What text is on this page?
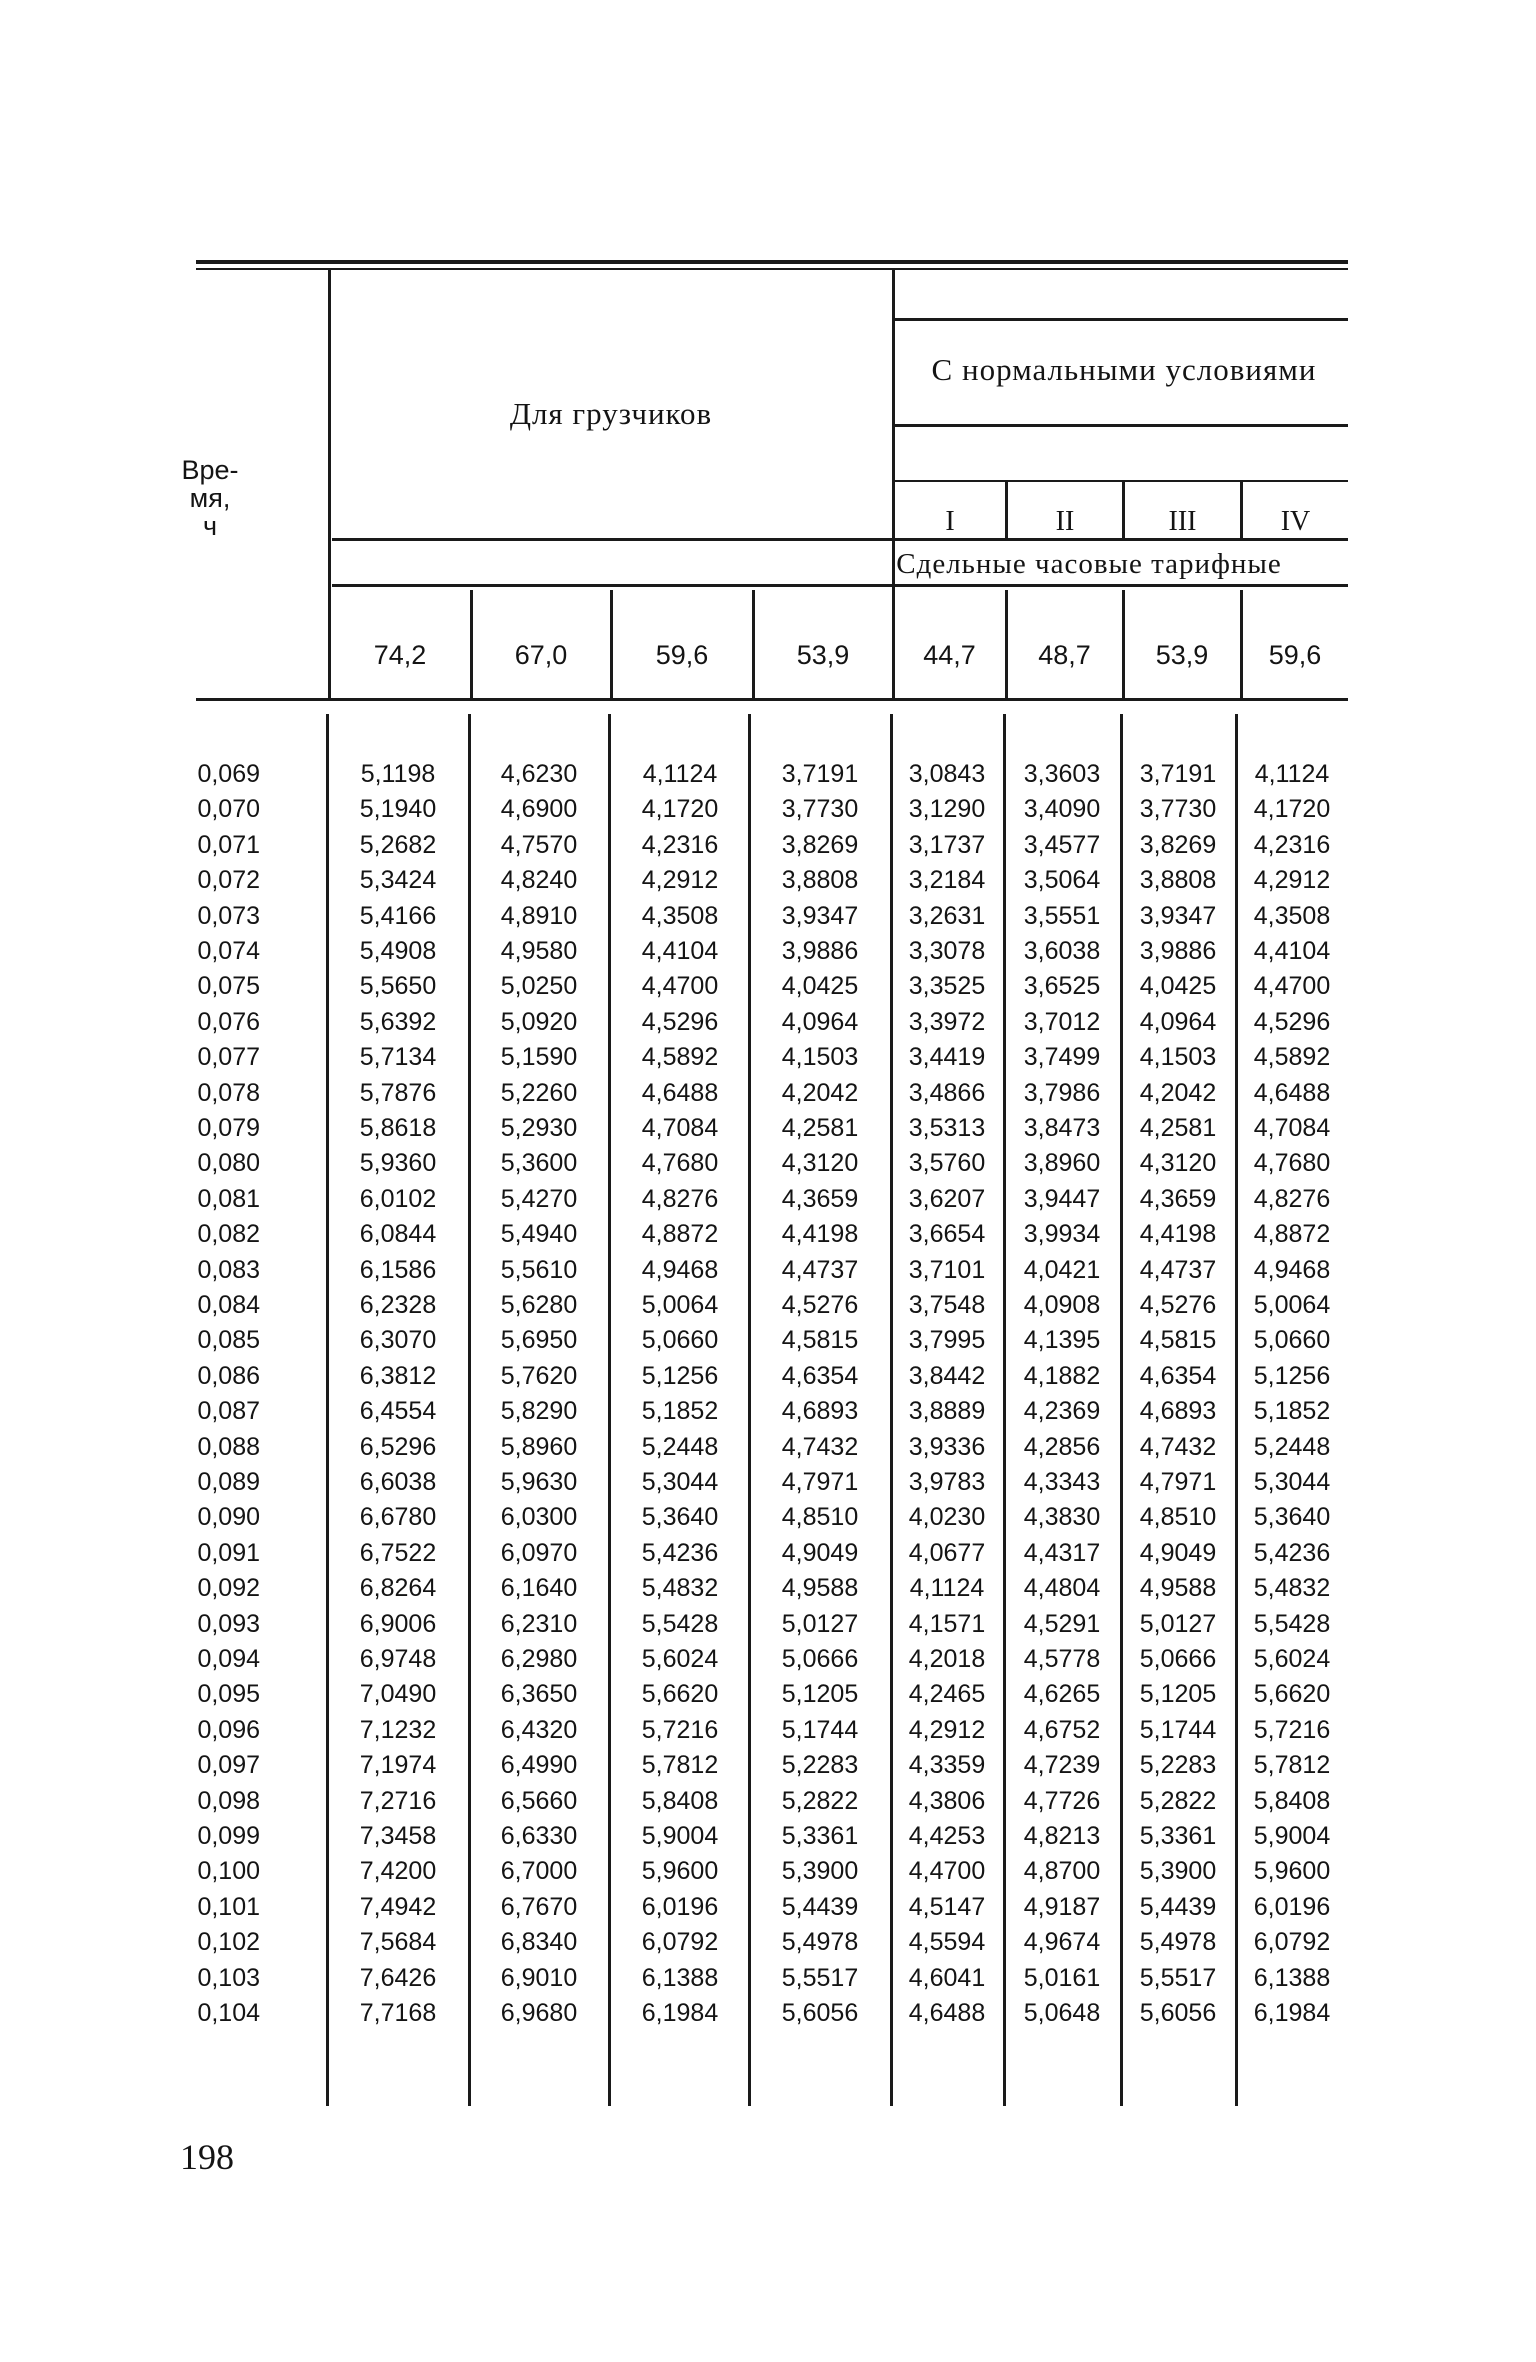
Вре-
мя,
ч
Для грузчиков
С нормальными условиями
Сдельные часовые тарифные
I	II	III	IV
74,2	67,0	59,6	53,9	44,7	48,7	53,9	59,6
0,069	5,1198	4,6230	4,1124	3,7191	3,0843	3,3603	3,7191	4,1124
0,070	5,1940	4,6900	4,1720	3,7730	3,1290	3,4090	3,7730	4,1720
0,071	5,2682	4,7570	4,2316	3,8269	3,1737	3,4577	3,8269	4,2316
0,072	5,3424	4,8240	4,2912	3,8808	3,2184	3,5064	3,8808	4,2912
0,073	5,4166	4,8910	4,3508	3,9347	3,2631	3,5551	3,9347	4,3508
0,074	5,4908	4,9580	4,4104	3,9886	3,3078	3,6038	3,9886	4,4104
0,075	5,5650	5,0250	4,4700	4,0425	3,3525	3,6525	4,0425	4,4700
0,076	5,6392	5,0920	4,5296	4,0964	3,3972	3,7012	4,0964	4,5296
0,077	5,7134	5,1590	4,5892	4,1503	3,4419	3,7499	4,1503	4,5892
0,078	5,7876	5,2260	4,6488	4,2042	3,4866	3,7986	4,2042	4,6488
0,079	5,8618	5,2930	4,7084	4,2581	3,5313	3,8473	4,2581	4,7084
0,080	5,9360	5,3600	4,7680	4,3120	3,5760	3,8960	4,3120	4,7680
0,081	6,0102	5,4270	4,8276	4,3659	3,6207	3,9447	4,3659	4,8276
0,082	6,0844	5,4940	4,8872	4,4198	3,6654	3,9934	4,4198	4,8872
0,083	6,1586	5,5610	4,9468	4,4737	3,7101	4,0421	4,4737	4,9468
0,084	6,2328	5,6280	5,0064	4,5276	3,7548	4,0908	4,5276	5,0064
0,085	6,3070	5,6950	5,0660	4,5815	3,7995	4,1395	4,5815	5,0660
0,086	6,3812	5,7620	5,1256	4,6354	3,8442	4,1882	4,6354	5,1256
0,087	6,4554	5,8290	5,1852	4,6893	3,8889	4,2369	4,6893	5,1852
0,088	6,5296	5,8960	5,2448	4,7432	3,9336	4,2856	4,7432	5,2448
0,089	6,6038	5,9630	5,3044	4,7971	3,9783	4,3343	4,7971	5,3044
0,090	6,6780	6,0300	5,3640	4,8510	4,0230	4,3830	4,8510	5,3640
0,091	6,7522	6,0970	5,4236	4,9049	4,0677	4,4317	4,9049	5,4236
0,092	6,8264	6,1640	5,4832	4,9588	4,1124	4,4804	4,9588	5,4832
0,093	6,9006	6,2310	5,5428	5,0127	4,1571	4,5291	5,0127	5,5428
0,094	6,9748	6,2980	5,6024	5,0666	4,2018	4,5778	5,0666	5,6024
0,095	7,0490	6,3650	5,6620	5,1205	4,2465	4,6265	5,1205	5,6620
0,096	7,1232	6,4320	5,7216	5,1744	4,2912	4,6752	5,1744	5,7216
0,097	7,1974	6,4990	5,7812	5,2283	4,3359	4,7239	5,2283	5,7812
0,098	7,2716	6,5660	5,8408	5,2822	4,3806	4,7726	5,2822	5,8408
0,099	7,3458	6,6330	5,9004	5,3361	4,4253	4,8213	5,3361	5,9004
0,100	7,4200	6,7000	5,9600	5,3900	4,4700	4,8700	5,3900	5,9600
0,101	7,4942	6,7670	6,0196	5,4439	4,5147	4,9187	5,4439	6,0196
0,102	7,5684	6,8340	6,0792	5,4978	4,5594	4,9674	5,4978	6,0792
0,103	7,6426	6,9010	6,1388	5,5517	4,6041	5,0161	5,5517	6,1388
0,104	7,7168	6,9680	6,1984	5,6056	4,6488	5,0648	5,6056	6,1984
198
